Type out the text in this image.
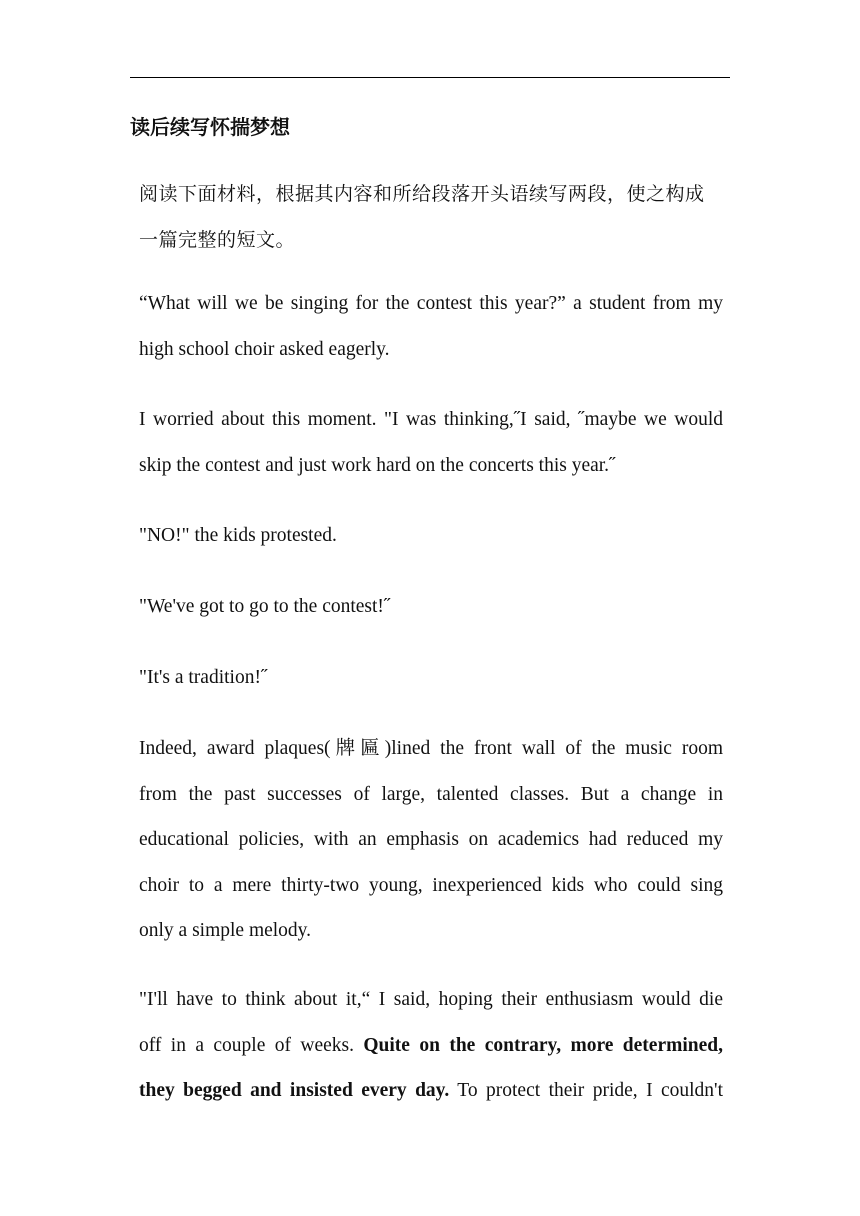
读后续写怀揣梦想
阅读下面材料，根据其内容和所给段落开头语续写两段，使之构成
一篇完整的短文。
“What will we be singing for the contest this year?” a student from my
high school choir asked eagerly.
I worried about this moment. "I was thinking,˝I said, ˝maybe we would
skip the contest and just work hard on the concerts this year.˝
"NO!" the kids protested.
"We've got to go to the contest!˝
"It's a tradition!˝
Indeed, award plaques(牌匾)lined the front wall of the music room
from the past successes of large, talented classes. But a change in
educational policies, with an emphasis on academics had reduced my
choir to a mere thirty-two young, inexperienced kids who could sing
only a simple melody.
"I'll have to think about it,“ I said, hoping their enthusiasm would die
off in a couple of weeks. Quite on the contrary, more determined,
they begged and insisted every day. To protect their pride, I couldn't
